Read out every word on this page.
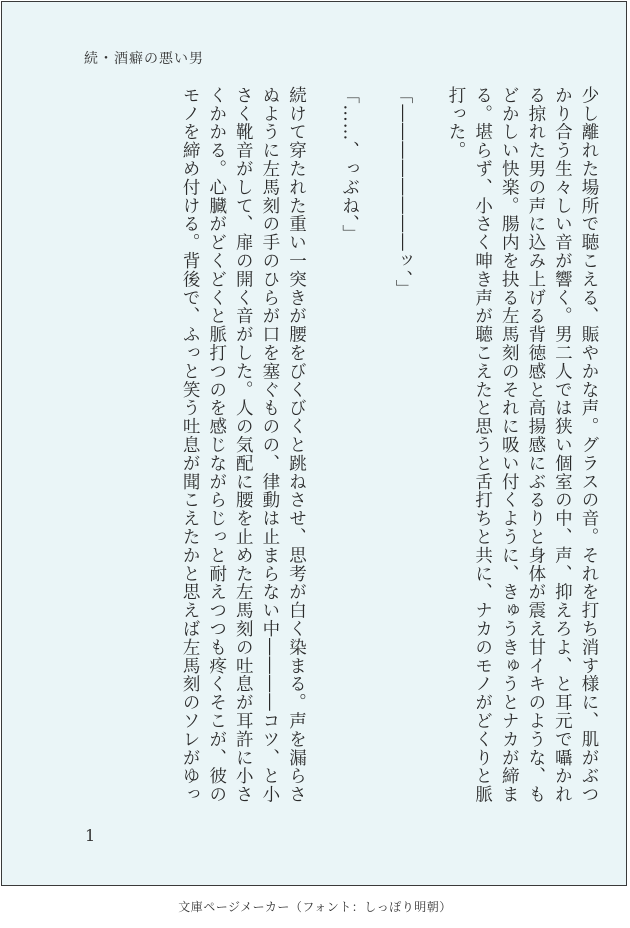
続・酒癖の悪い男

少し離れた場所で聴こえる、賑やかな声。グラスの音。それを打ち消す様に、肌がぶつかり合う生々しい音が響く。男二人では狭い個室の中、声、抑えろよ、と耳元で囁かれる掠れた男の声に込み上げる背徳感と高揚感にぶるりと身体が震え甘イキのような、もどかしい快楽。腸内を抉る左馬刻のそれに吸い付くように、きゅうきゅうとナカが締まる。堪らず、小さく呻き声が聴こえたと思うと舌打ちと共に、ナカのモノがどくりと脈打った。

「――――――――ッ、」

「……、っぶね、」

続けて穿たれた重い一突きが腰をびくびくと跳ねさせ、思考が白く染まる。声を漏らさぬように左馬刻の手のひらが口を塞ぐものの、律動は止まらない中――――コツ、と小さく靴音がして、扉の開く音がした。人の気配に腰を止めた左馬刻の吐息が耳許に小さくかかる。心臓がどくどくと脈打つのを感じながらじっと耐えつつも疼くそこが、彼のモノを締め付ける。背後で、ふっと笑う吐息が聞こえたかと思えば左馬刻のソレがゆっ

1
文庫ページメーカー（フォント：しっぽり明朝）
